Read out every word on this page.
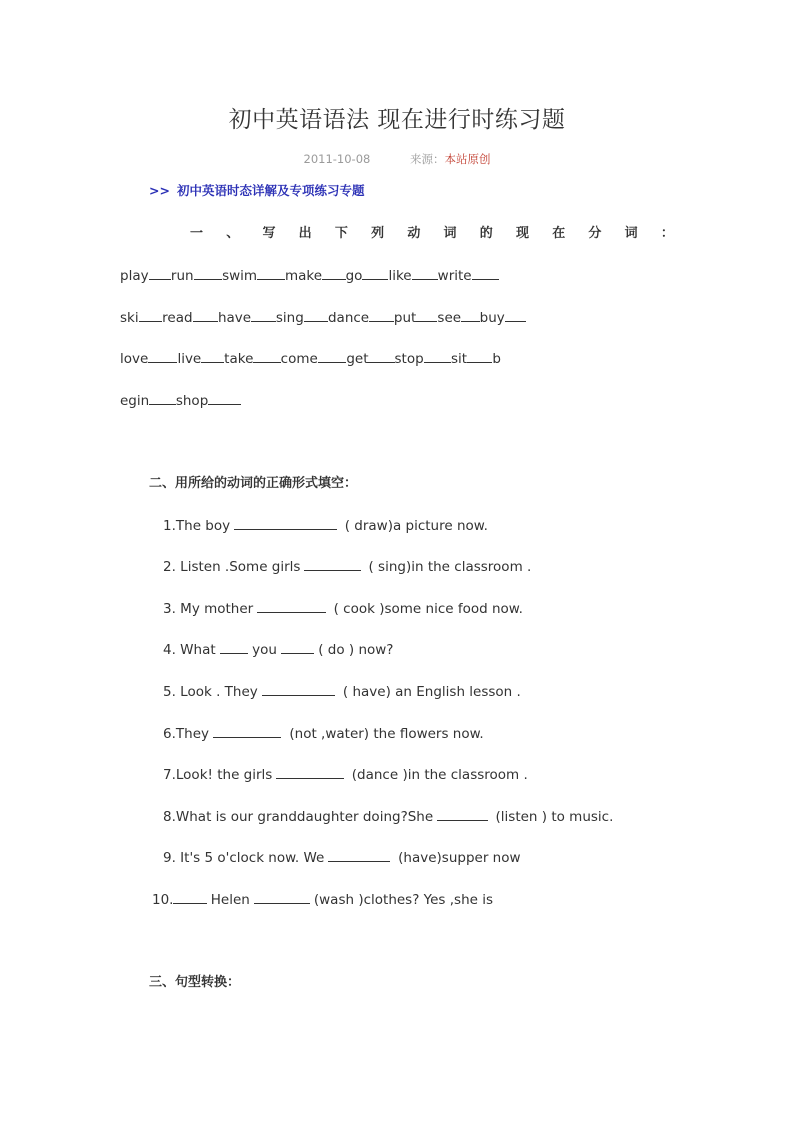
初中英语语法 现在进行时练习题
2011-10-08	来源：本站原创
>> 初中英语时态详解及专项练习专题
一 、 写 出 下 列 动 词 的 现 在 分 词 ：
play run swim make go like write
ski read have sing dance put see buy
love live take come get stop sit b
egin shop
二、用所给的动词的正确形式填空：
1.The boy	( draw)a picture now.
2. Listen .Some girls	( sing)in the classroom .
3. My mother	( cook )some nice food now.
4. What	you	( do ) now?
5. Look . They	( have) an English lesson .
6.They	(not ,water) the flowers now.
7.Look! the girls	(dance )in the classroom .
8.What is our granddaughter doing?She	(listen ) to music.
9. It's 5 o'clock now. We	(have)supper now
10.	Helen	(wash )clothes? Yes ,she is
三、句型转换：
